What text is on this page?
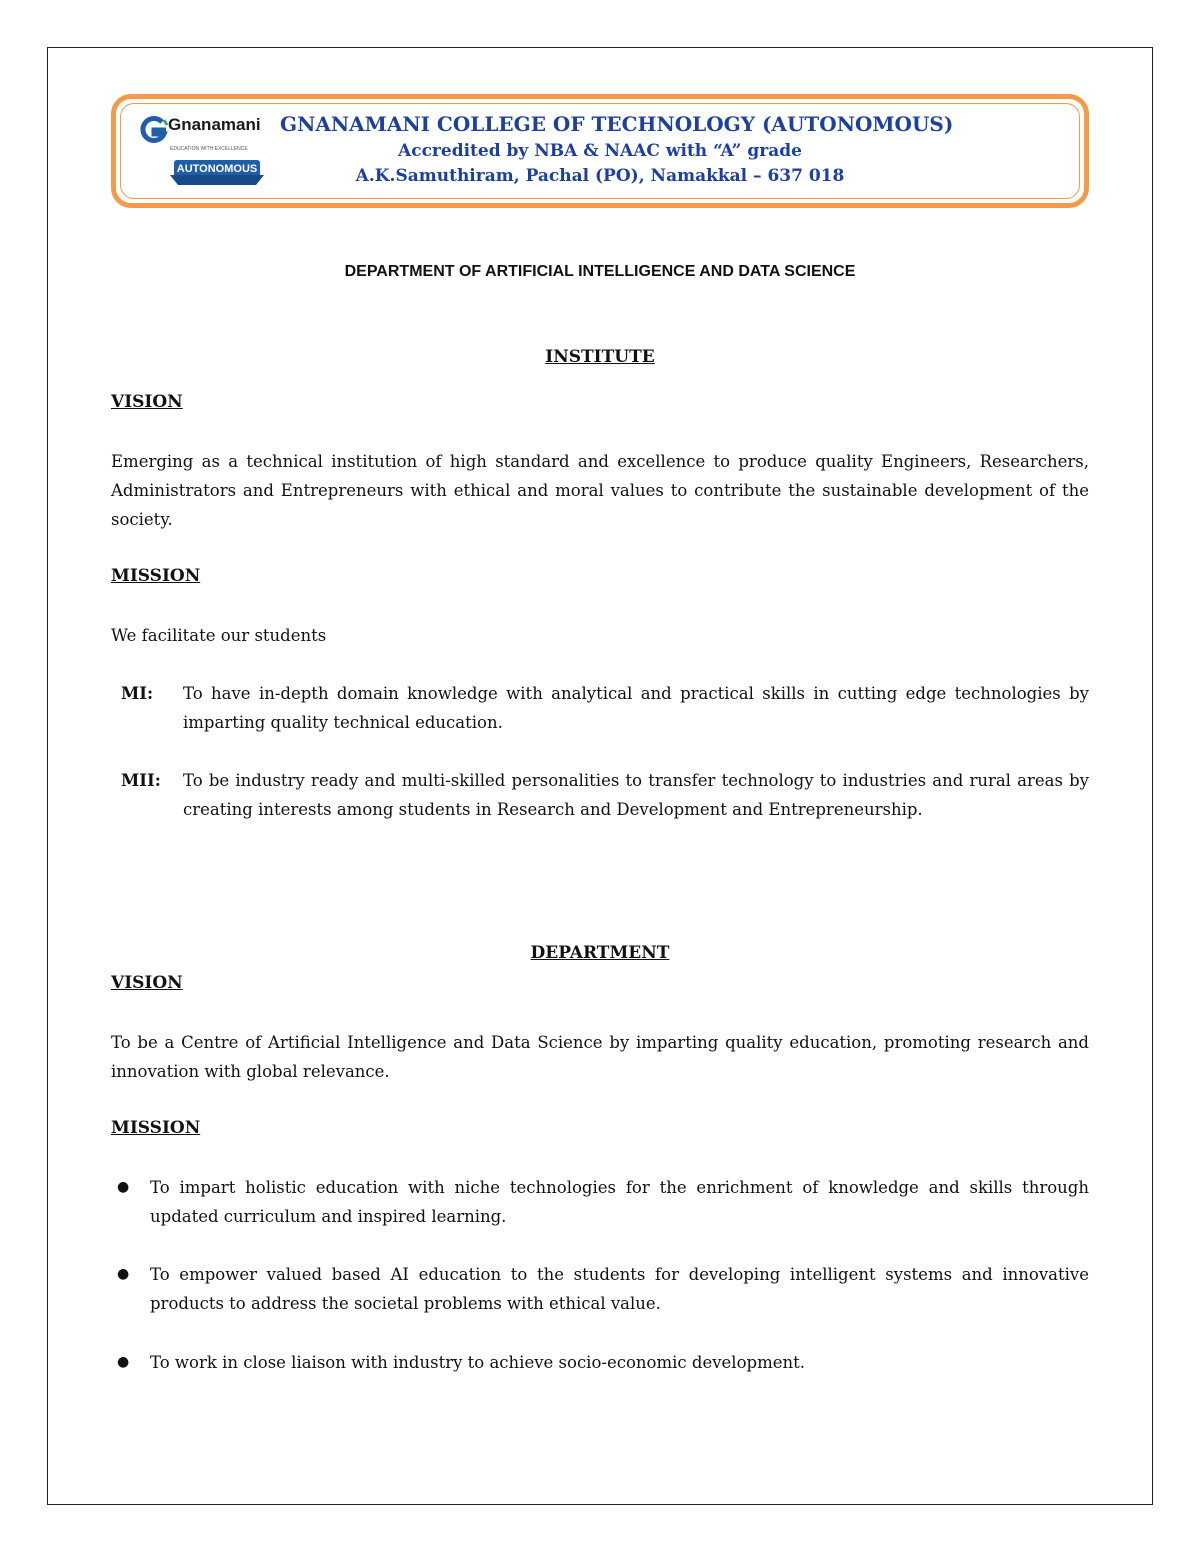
Gnanamani
EDUCATION WITH EXCELLENCE
AUTONOMOUS
GNANAMANI COLLEGE OF TECHNOLOGY (AUTONOMOUS)
Accredited by NBA & NAAC with “A” grade
A.K.Samuthiram, Pachal (PO), Namakkal – 637 018
DEPARTMENT OF ARTIFICIAL INTELLIGENCE AND DATA SCIENCE
INSTITUTE
VISION
Emerging as a technical institution of high standard and excellence to produce quality Engineers, Researchers, Administrators and Entrepreneurs with ethical and moral values to contribute the sustainable development of the society.
MISSION
We facilitate our students
MI: To have in-depth domain knowledge with analytical and practical skills in cutting edge technologies by imparting quality technical education.
MII: To be industry ready and multi-skilled personalities to transfer technology to industries and rural areas by creating interests among students in Research and Development and Entrepreneurship.
DEPARTMENT
VISION
To be a Centre of Artificial Intelligence and Data Science by imparting quality education, promoting research and innovation with global relevance.
MISSION
● To impart holistic education with niche technologies for the enrichment of knowledge and skills through updated curriculum and inspired learning.
● To empower valued based AI education to the students for developing intelligent systems and innovative products to address the societal problems with ethical value.
● To work in close liaison with industry to achieve socio-economic development.
